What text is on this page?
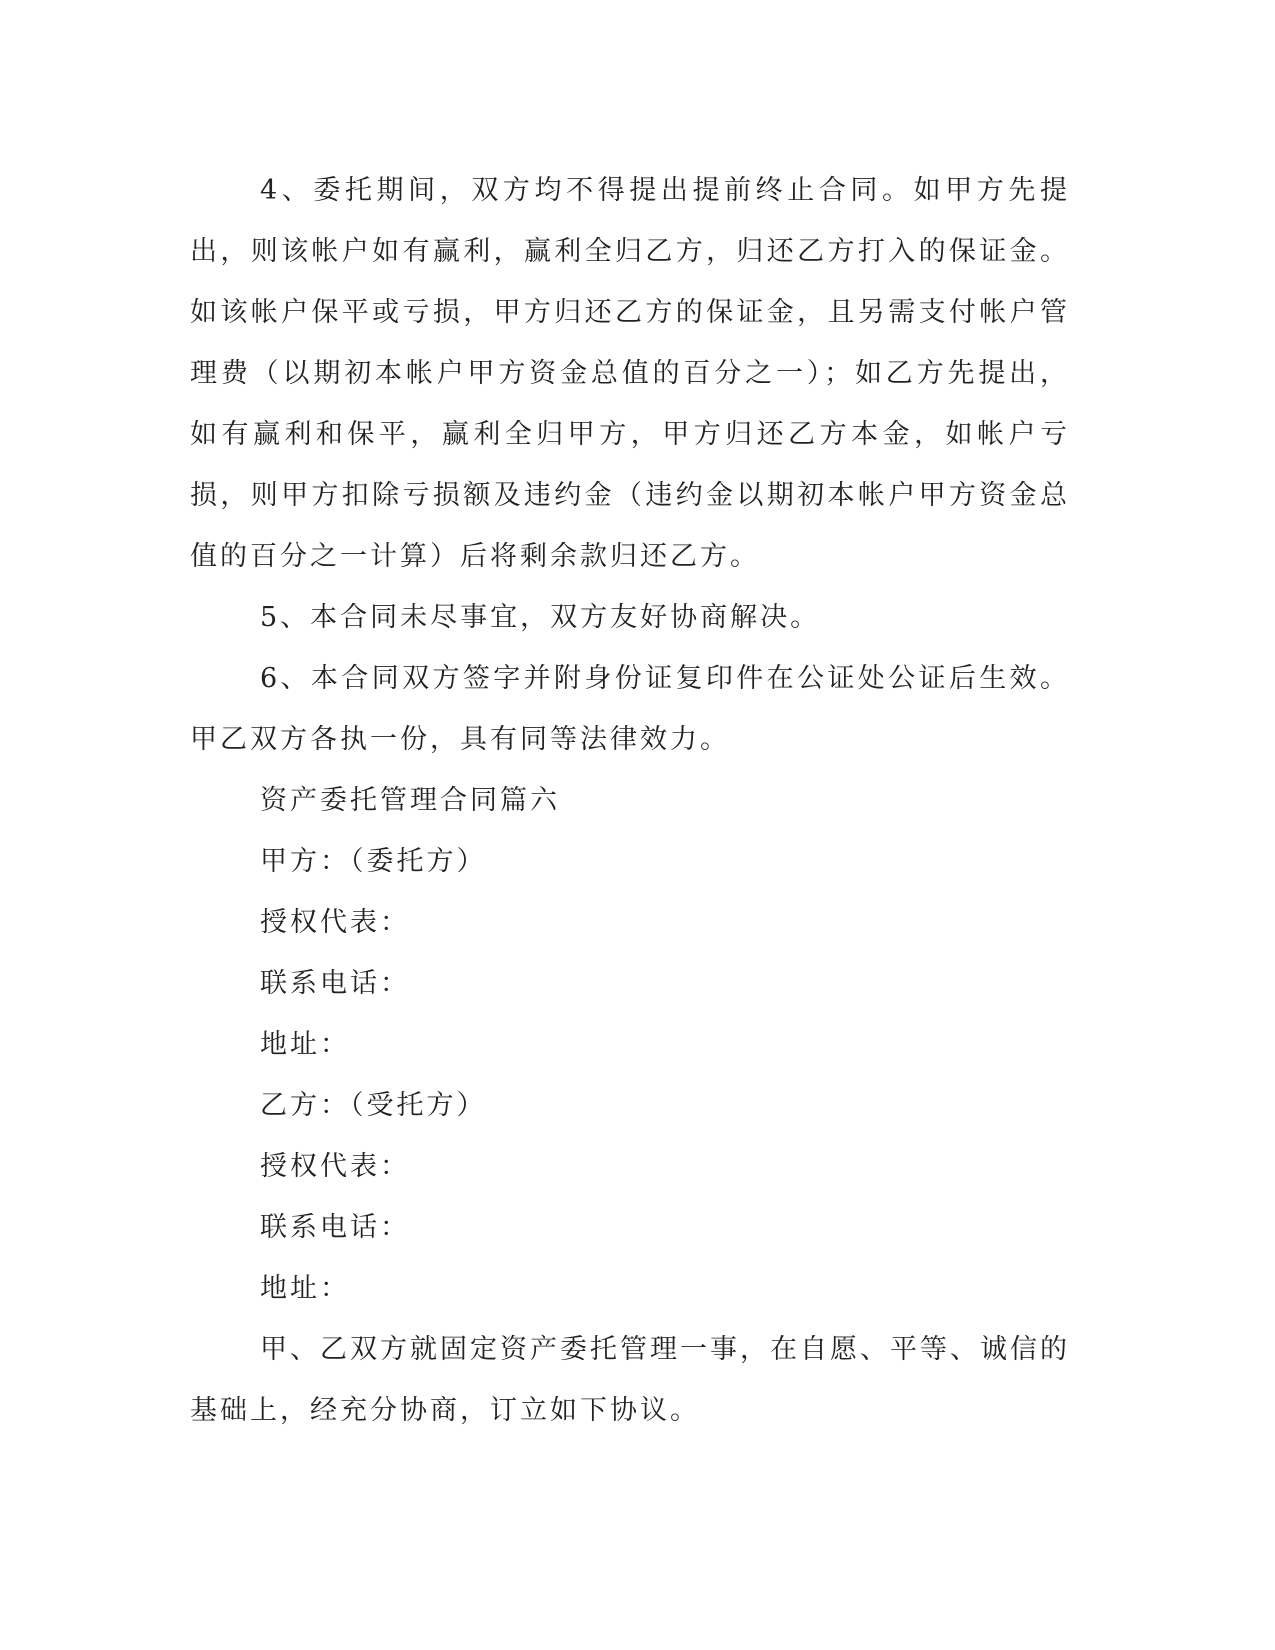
4、委托期间，双方均不得提出提前终止合同。如甲方先提出，则该帐户如有赢利，赢利全归乙方，归还乙方打入的保证金。如该帐户保平或亏损，甲方归还乙方的保证金，且另需支付帐户管理费（以期初本帐户甲方资金总值的百分之一）；如乙方先提出，如有赢利和保平，赢利全归甲方，甲方归还乙方本金，如帐户亏损，则甲方扣除亏损额及违约金（违约金以期初本帐户甲方资金总值的百分之一计算）后将剩余款归还乙方。

5、本合同未尽事宜，双方友好协商解决。

6、本合同双方签字并附身份证复印件在公证处公证后生效。甲乙双方各执一份，具有同等法律效力。

资产委托管理合同篇六

甲方：（委托方）

授权代表：

联系电话：

地址：

乙方：（受托方）

授权代表：

联系电话：

地址：

甲、乙双方就固定资产委托管理一事，在自愿、平等、诚信的基础上，经充分协商，订立如下协议。
